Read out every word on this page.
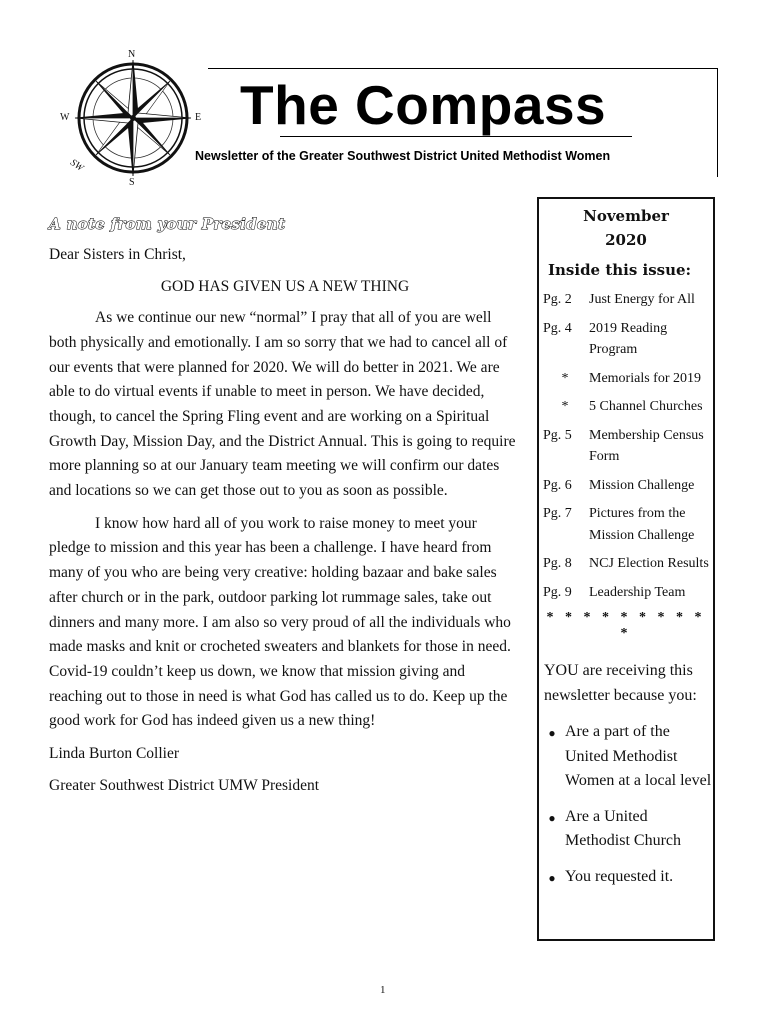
N
S
W	E
SW
The Compass
Newsletter of the Greater Southwest District United Methodist Women
A note from your President

Dear Sisters in Christ,

GOD HAS GIVEN US A NEW THING

As we continue our new “normal” I pray that all of you are well both physically and emotionally. I am so sorry that we had to cancel all of our events that were planned for 2020. We will do better in 2021. We are able to do virtual events if unable to meet in person. We have decided, though, to cancel the Spring Fling event and are working on a Spiritual Growth Day, Mission Day, and the District Annual. This is going to require more planning so at our January team meeting we will confirm our dates and locations so we can get those out to you as soon as possible.

I know how hard all of you work to raise money to meet your pledge to mission and this year has been a challenge. I have heard from many of you who are being very creative: holding bazaar and bake sales after church or in the park, outdoor parking lot rummage sales, take out dinners and many more. I am also so very proud of all the individuals who made masks and knit or crocheted sweaters and blankets for those in need. Covid-19 couldn’t keep us down, we know that mission giving and reaching out to those in need is what God has called us to do. Keep up the good work for God has indeed given us a new thing!

Linda Burton Collier

Greater Southwest District UMW President

November
2020
Inside this issue:
Pg. 2	Just Energy for All
Pg. 4	2019 Reading Program
*	Memorials for 2019
*	5 Channel Churches
Pg. 5	Membership Census Form
Pg. 6	Mission Challenge
Pg. 7	Pictures from the Mission Challenge
Pg. 8	NCJ Election Results
Pg. 9	Leadership Team
* * * * * * * * * *
YOU are receiving this newsletter because you:
● Are a part of the United Methodist Women at a local level
● Are a United Methodist Church
● You requested it.
1
